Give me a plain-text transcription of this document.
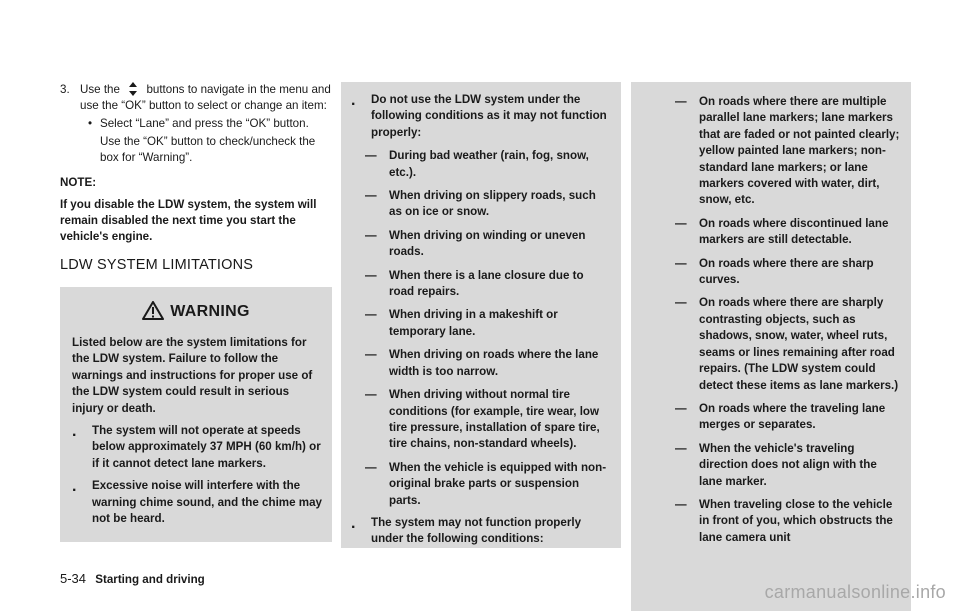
3. Use the buttons to navigate in the menu and use the “OK” button to select or change an item:
• Select “Lane” and press the “OK” button.
Use the “OK” button to check/uncheck the box for “Warning”.
NOTE:
If you disable the LDW system, the system will remain disabled the next time you start the vehicle's engine.
LDW SYSTEM LIMITATIONS
WARNING

Listed below are the system limitations for the LDW system. Failure to follow the warnings and instructions for proper use of the LDW system could result in serious injury or death.

.	The system will not operate at speeds below approximately 37 MPH (60 km/h) or if it cannot detect lane markers.
.	Excessive noise will interfere with the warning chime sound, and the chime may not be heard.
.	Do not use the LDW system under the following conditions as it may not function properly:
—	During bad weather (rain, fog, snow, etc.).
—	When driving on slippery roads, such as on ice or snow.
—	When driving on winding or uneven roads.
—	When there is a lane closure due to road repairs.
—	When driving in a makeshift or temporary lane.
—	When driving on roads where the lane width is too narrow.
—	When driving without normal tire conditions (for example, tire wear, low tire pressure, installation of spare tire, tire chains, non-standard wheels).
—	When the vehicle is equipped with non-original brake parts or suspension parts.
.	The system may not function properly under the following conditions:
—	On roads where there are multiple parallel lane markers; lane markers that are faded or not painted clearly; yellow painted lane markers; non-standard lane markers; or lane markers covered with water, dirt, snow, etc.
—	On roads where discontinued lane markers are still detectable.
—	On roads where there are sharp curves.
—	On roads where there are sharply contrasting objects, such as shadows, snow, water, wheel ruts, seams or lines remaining after road repairs. (The LDW system could detect these items as lane markers.)
—	On roads where the traveling lane merges or separates.
—	When the vehicle's traveling direction does not align with the lane marker.
—	When traveling close to the vehicle in front of you, which obstructs the lane camera unit
5-34 Starting and driving
carmanualsonline.info
